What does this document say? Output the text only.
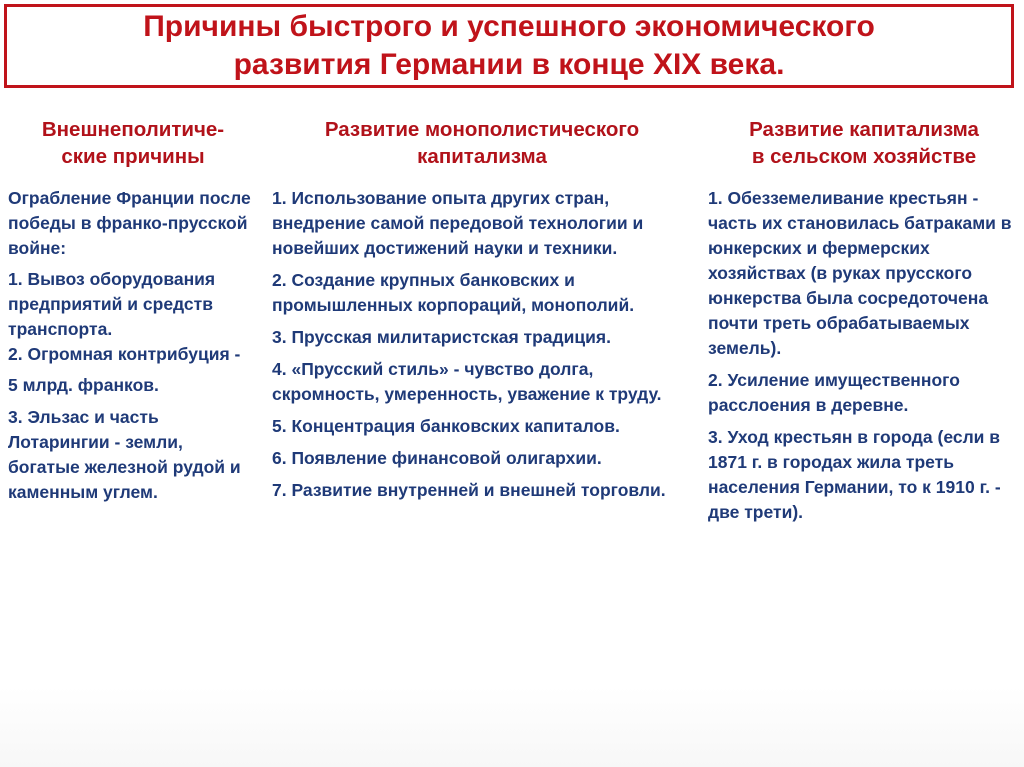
Причины быстрого и успешного экономического
развития Германии в конце XIX века.
Внешнеполитиче-
ские причины
Ограбление Франции после победы в франко-прусской войне:
1. Вывоз оборудования предприятий и средств транспорта.
2. Огромная контрибуция -
5 млрд. франков.
3. Эльзас и часть Лотарингии - земли, богатые железной рудой и каменным углем.
Развитие монополистического
капитализма
1. Использование опыта других стран, внедрение самой передовой технологии и новейших достижений науки и техники.
2. Создание крупных банковских и промышленных корпораций, монополий.
3. Прусская милитаристская традиция.
4. «Прусский стиль» - чувство долга, скромность, умеренность, уважение к труду.
5. Концентрация банковских капиталов.
6. Появление финансовой олигархии.
7. Развитие внутренней и внешней торговли.
Развитие капитализма
в сельском хозяйстве
1. Обезземеливание крестьян - часть их становилась батраками в юнкерских и фермерских хозяйствах (в руках прусского юнкерства была сосредоточена почти треть обрабатываемых земель).
2. Усиление имущественного расслоения в деревне.
3. Уход крестьян в города (если в 1871 г. в городах жила треть населения Германии, то к 1910 г. - две трети).
